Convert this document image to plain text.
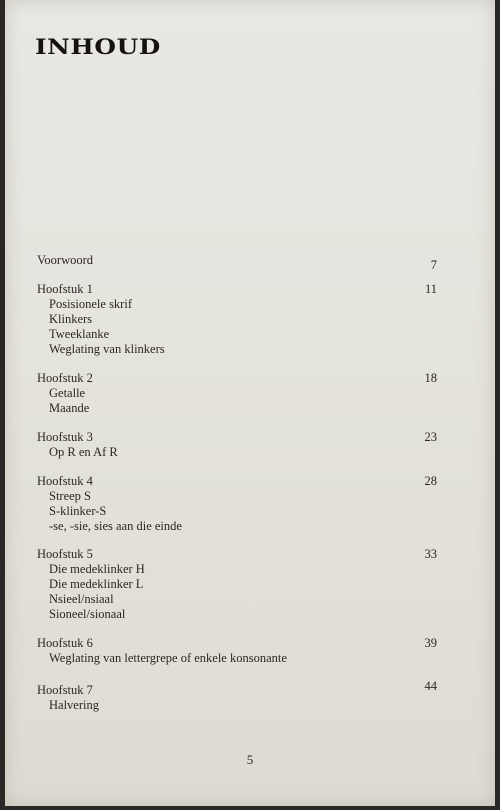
INHOUD
Voorwoord	7
Hoofstuk 1	11
Posisionele skrif
Klinkers
Tweeklanke
Weglating van klinkers
Hoofstuk 2	18
Getalle
Maande
Hoofstuk 3	23
Op R en Af R
Hoofstuk 4	28
Streep S
S-klinker-S
-se, -sie, sies aan die einde
Hoofstuk 5	33
Die medeklinker H
Die medeklinker L
Nsieel/nsiaal
Sioneel/sionaal
Hoofstuk 6	39
Weglating van lettergrepe of enkele konsonante
Hoofstuk 7	44
Halvering
5
